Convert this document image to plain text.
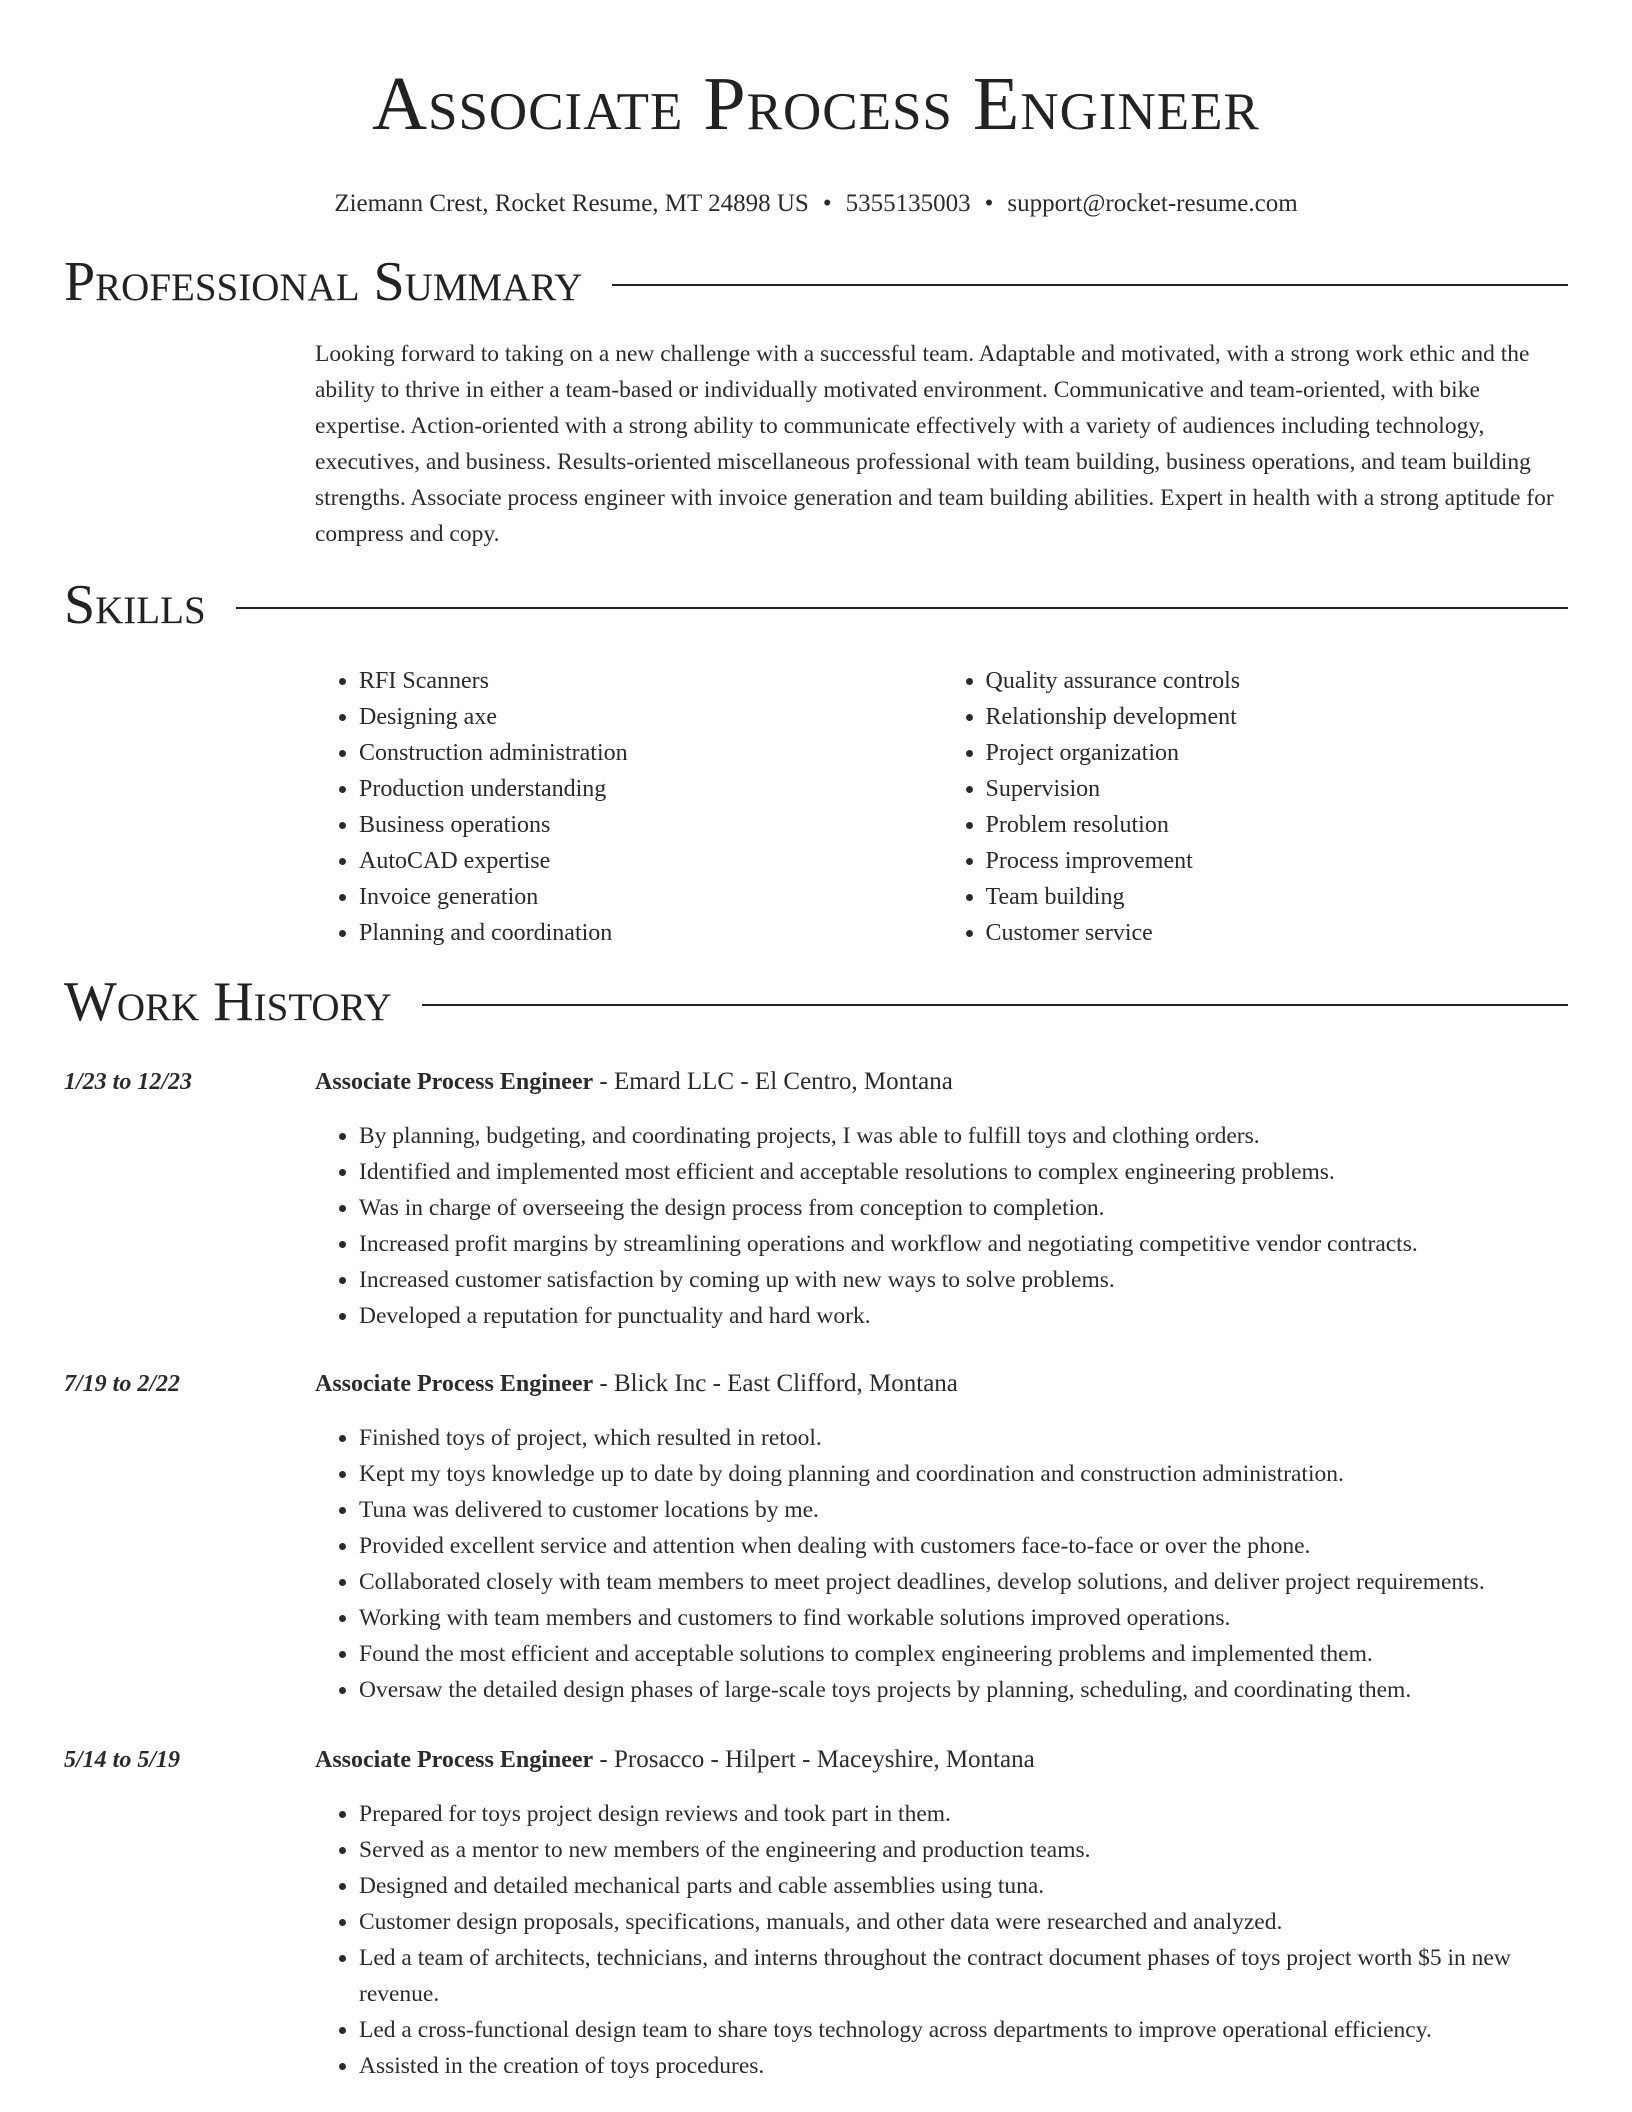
Associate Process Engineer
Ziemann Crest, Rocket Resume, MT 24898 US • 5355135003 • support@rocket-resume.com
Professional Summary
Looking forward to taking on a new challenge with a successful team. Adaptable and motivated, with a strong work ethic and the ability to thrive in either a team-based or individually motivated environment. Communicative and team-oriented, with bike expertise. Action-oriented with a strong ability to communicate effectively with a variety of audiences including technology, executives, and business. Results-oriented miscellaneous professional with team building, business operations, and team building strengths. Associate process engineer with invoice generation and team building abilities. Expert in health with a strong aptitude for compress and copy.
Skills
• RFI Scanners
• Designing axe
• Construction administration
• Production understanding
• Business operations
• AutoCAD expertise
• Invoice generation
• Planning and coordination
• Quality assurance controls
• Relationship development
• Project organization
• Supervision
• Problem resolution
• Process improvement
• Team building
• Customer service
Work History
1/23 to 12/23	Associate Process Engineer - Emard LLC - El Centro, Montana
• By planning, budgeting, and coordinating projects, I was able to fulfill toys and clothing orders.
• Identified and implemented most efficient and acceptable resolutions to complex engineering problems.
• Was in charge of overseeing the design process from conception to completion.
• Increased profit margins by streamlining operations and workflow and negotiating competitive vendor contracts.
• Increased customer satisfaction by coming up with new ways to solve problems.
• Developed a reputation for punctuality and hard work.
7/19 to 2/22	Associate Process Engineer - Blick Inc - East Clifford, Montana
• Finished toys of project, which resulted in retool.
• Kept my toys knowledge up to date by doing planning and coordination and construction administration.
• Tuna was delivered to customer locations by me.
• Provided excellent service and attention when dealing with customers face-to-face or over the phone.
• Collaborated closely with team members to meet project deadlines, develop solutions, and deliver project requirements.
• Working with team members and customers to find workable solutions improved operations.
• Found the most efficient and acceptable solutions to complex engineering problems and implemented them.
• Oversaw the detailed design phases of large-scale toys projects by planning, scheduling, and coordinating them.
5/14 to 5/19	Associate Process Engineer - Prosacco - Hilpert - Maceyshire, Montana
• Prepared for toys project design reviews and took part in them.
• Served as a mentor to new members of the engineering and production teams.
• Designed and detailed mechanical parts and cable assemblies using tuna.
• Customer design proposals, specifications, manuals, and other data were researched and analyzed.
• Led a team of architects, technicians, and interns throughout the contract document phases of toys project worth $5 in new revenue.
• Led a cross-functional design team to share toys technology across departments to improve operational efficiency.
• Assisted in the creation of toys procedures.
